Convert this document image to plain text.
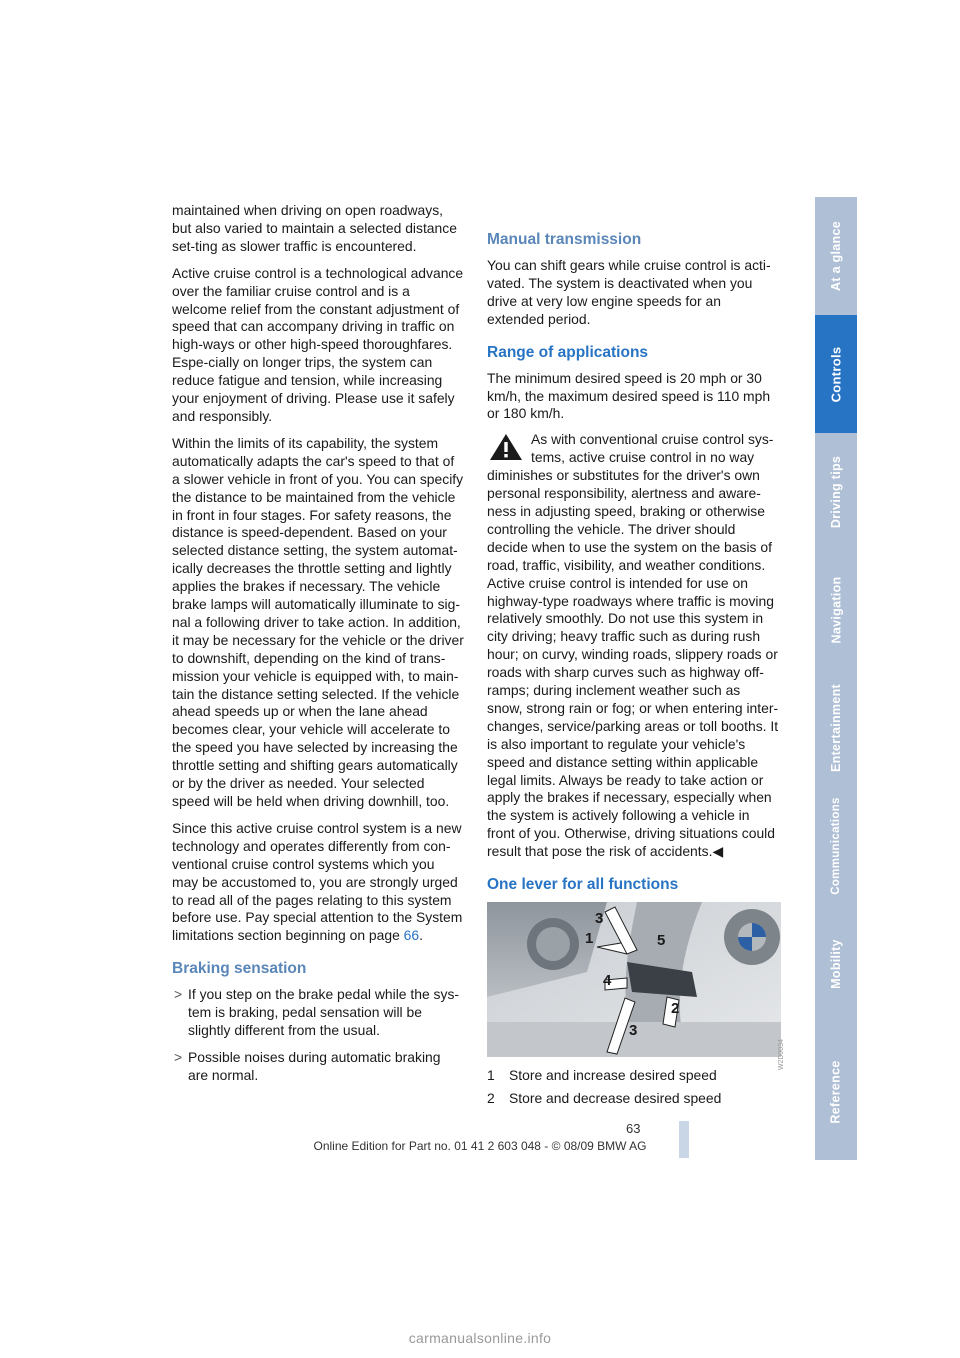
maintained when driving on open roadways, but also varied to maintain a selected distance set-ting as slower traffic is encountered.

Active cruise control is a technological advance over the familiar cruise control and is a welcome relief from the constant adjustment of speed that can accompany driving in traffic on high-ways or other high-speed thoroughfares. Espe-cially on longer trips, the system can reduce fatigue and tension, while increasing your enjoyment of driving. Please use it safely and responsibly.

Within the limits of its capability, the system automatically adapts the car's speed to that of a slower vehicle in front of you. You can specify the distance to be maintained from the vehicle in front in four stages. For safety reasons, the distance is speed-dependent. Based on your selected distance setting, the system automat-ically decreases the throttle setting and lightly applies the brakes if necessary. The vehicle brake lamps will automatically illuminate to sig-nal a following driver to take action. In addition, it may be necessary for the vehicle or the driver to downshift, depending on the kind of trans-mission your vehicle is equipped with, to main-tain the distance setting selected. If the vehicle ahead speeds up or when the lane ahead becomes clear, your vehicle will accelerate to the speed you have selected by increasing the throttle setting and shifting gears automatically or by the driver as needed. Your selected speed will be held when driving downhill, too.

Since this active cruise control system is a new technology and operates differently from con-ventional cruise control systems which you may be accustomed to, you are strongly urged to read all of the pages relating to this system before use. Pay special attention to the System limitations section beginning on page 66.

Braking sensation
> If you step on the brake pedal while the sys-tem is braking, pedal sensation will be slightly different from the usual.
> Possible noises during automatic braking are normal.
Manual transmission

You can shift gears while cruise control is acti-vated. The system is deactivated when you drive at very low engine speeds for an extended period.

Range of applications

The minimum desired speed is 20 mph or 30 km/h, the maximum desired speed is 110 mph or 180 km/h.

As with conventional cruise control sys-tems, active cruise control in no way diminishes or substitutes for the driver's own personal responsibility, alertness and aware-ness in adjusting speed, braking or otherwise controlling the vehicle. The driver should decide when to use the system on the basis of road, traffic, visibility, and weather conditions. Active cruise control is intended for use on highway-type roadways where traffic is moving relatively smoothly. Do not use this system in city driving; heavy traffic such as during rush hour; on curvy, winding roads, slippery roads or roads with sharp curves such as highway off-ramps; during inclement weather such as snow, strong rain or fog; or when entering inter-changes, service/parking areas or toll booths. It is also important to regulate your vehicle's speed and distance setting within applicable legal limits. Always be ready to take action or apply the brakes if necessary, especially when the system is actively following a vehicle in front of you. Otherwise, driving situations could result that pose the risk of accidents.◀
One lever for all functions
1
2
3
3
4
5
W2D0034
1 Store and increase desired speed
2 Store and decrease desired speed
At a glance
Controls
Driving tips
Navigation
Entertainment
Communications
Mobility
Reference
63
Online Edition for Part no. 01 41 2 603 048 - © 08/09 BMW AG
carmanualsonline.info
